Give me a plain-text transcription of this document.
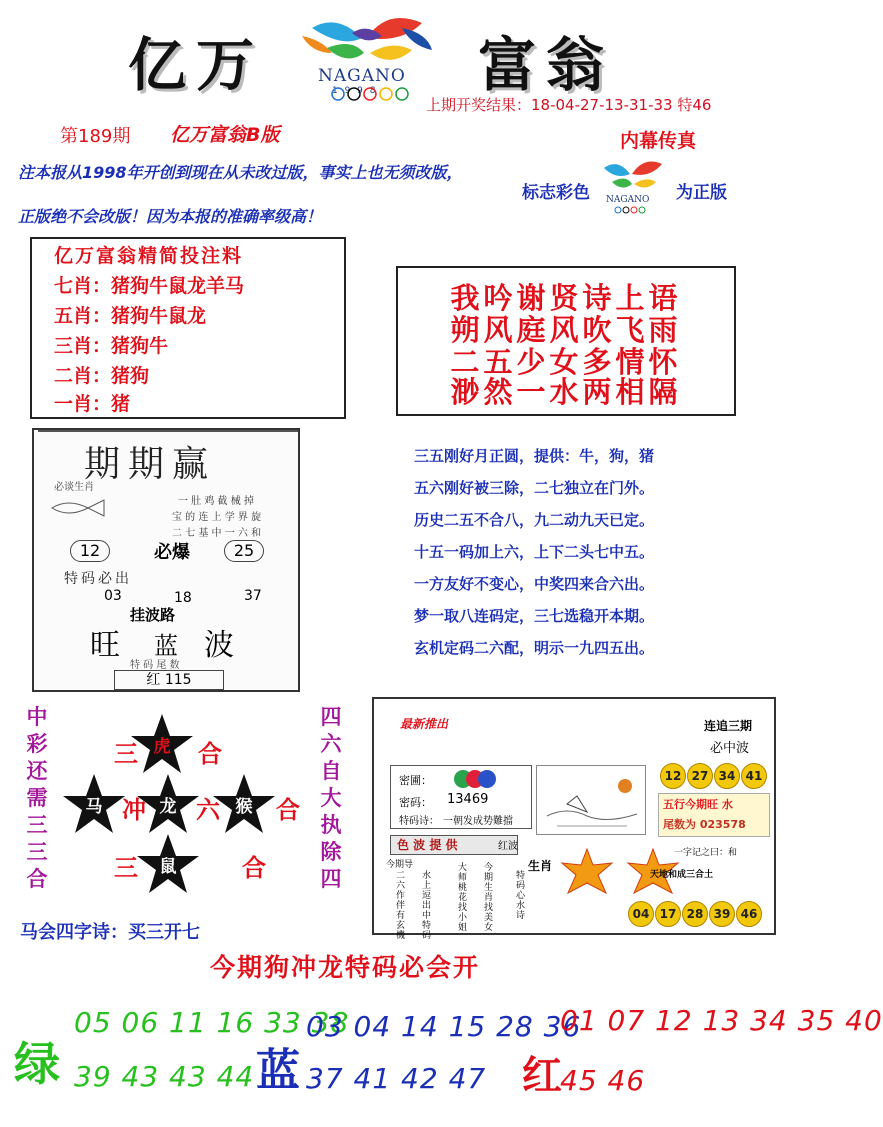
亿万	富翁
NAGANO
1 9 9 8
上期开奖结果：18-04-27-13-31-33 特46
第189期 亿万富翁B版	内幕传真
注本报从1998年开创到现在从未改过版，事实上也无须改版，
正版绝不会改版！因为本报的准确率级高！
标志彩色 NAGANO 为正版
亿万富翁精简投注料
七肖：猪狗牛鼠龙羊马
五肖：猪狗牛鼠龙
三肖：猪狗牛
二肖：猪狗
一肖：猪
我吟谢贤诗上语
朔风庭风吹飞雨
二五少女多情怀
渺然一水两相隔
期期赢
必谈生肖
一 肚 鸡 截 械 掉
宝 的 连 上 学 界 旋
二 七 基 中 一 六 和
12	必爆	25
特码必出
03	18	37
挂波路
旺 蓝 波
特 码 尾 数
红 115
三五刚好月正圆，提供：牛，狗，猪
五六刚好被三除，二七独立在门外。
历史二五不合八，九二动九天已定。
十五一码加上六，上下二头七中五。
一方友好不变心，中奖四来合六出。
梦一取八连码定，三七选稳开本期。
玄机定码二六配，明示一九四五出。
中彩还需三三合
四六自大执除四
三 虎 合
马 冲 龙 六 猴 合
三 鼠	合
马会四字诗：买三开七
最新推出	连追三期
必中波
12 27 34 41
密圃：
密码： 13469
特码诗： 一朝发成势難擋
五行今期旺 水
尾数为 023578
色 波 提 供	红波
今期导	生肖
二六作伴有玄機
水上逗出中特码
大师桃花找小姐
今期生肖找美女
特码心水诗
一字记之曰：和
天地和成三合土
04 17 28 39 46
今期狗冲龙特码必会开
绿
05 06 11 16 33 38
39 43 43 44 蓝
03 04 14 15 28 36
37 41 42 47 红
01 07 12 13 34 35 40
45 46
